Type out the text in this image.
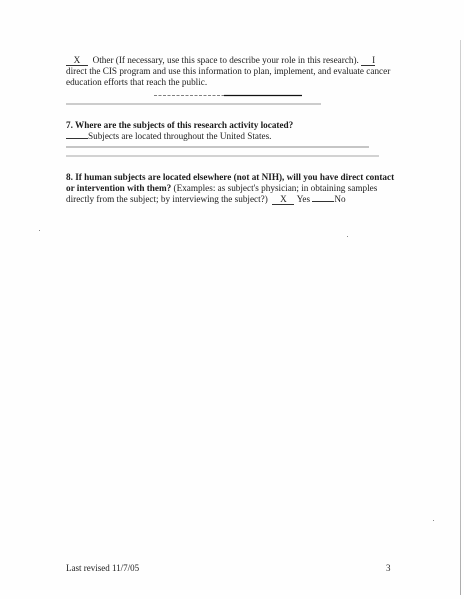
X Other (If necessary, use this space to describe your role in this research). I direct the CIS program and use this information to plan, implement, and evaluate cancer education efforts that reach the public.

7. Where are the subjects of this research activity located?
Subjects are located throughout the United States.

8. If human subjects are located elsewhere (not at NIH), will you have direct contact or intervention with them? (Examples: as subject's physician; in obtaining samples directly from the subject; by interviewing the subject?) X Yes	No

Last revised 11/7/05	3
